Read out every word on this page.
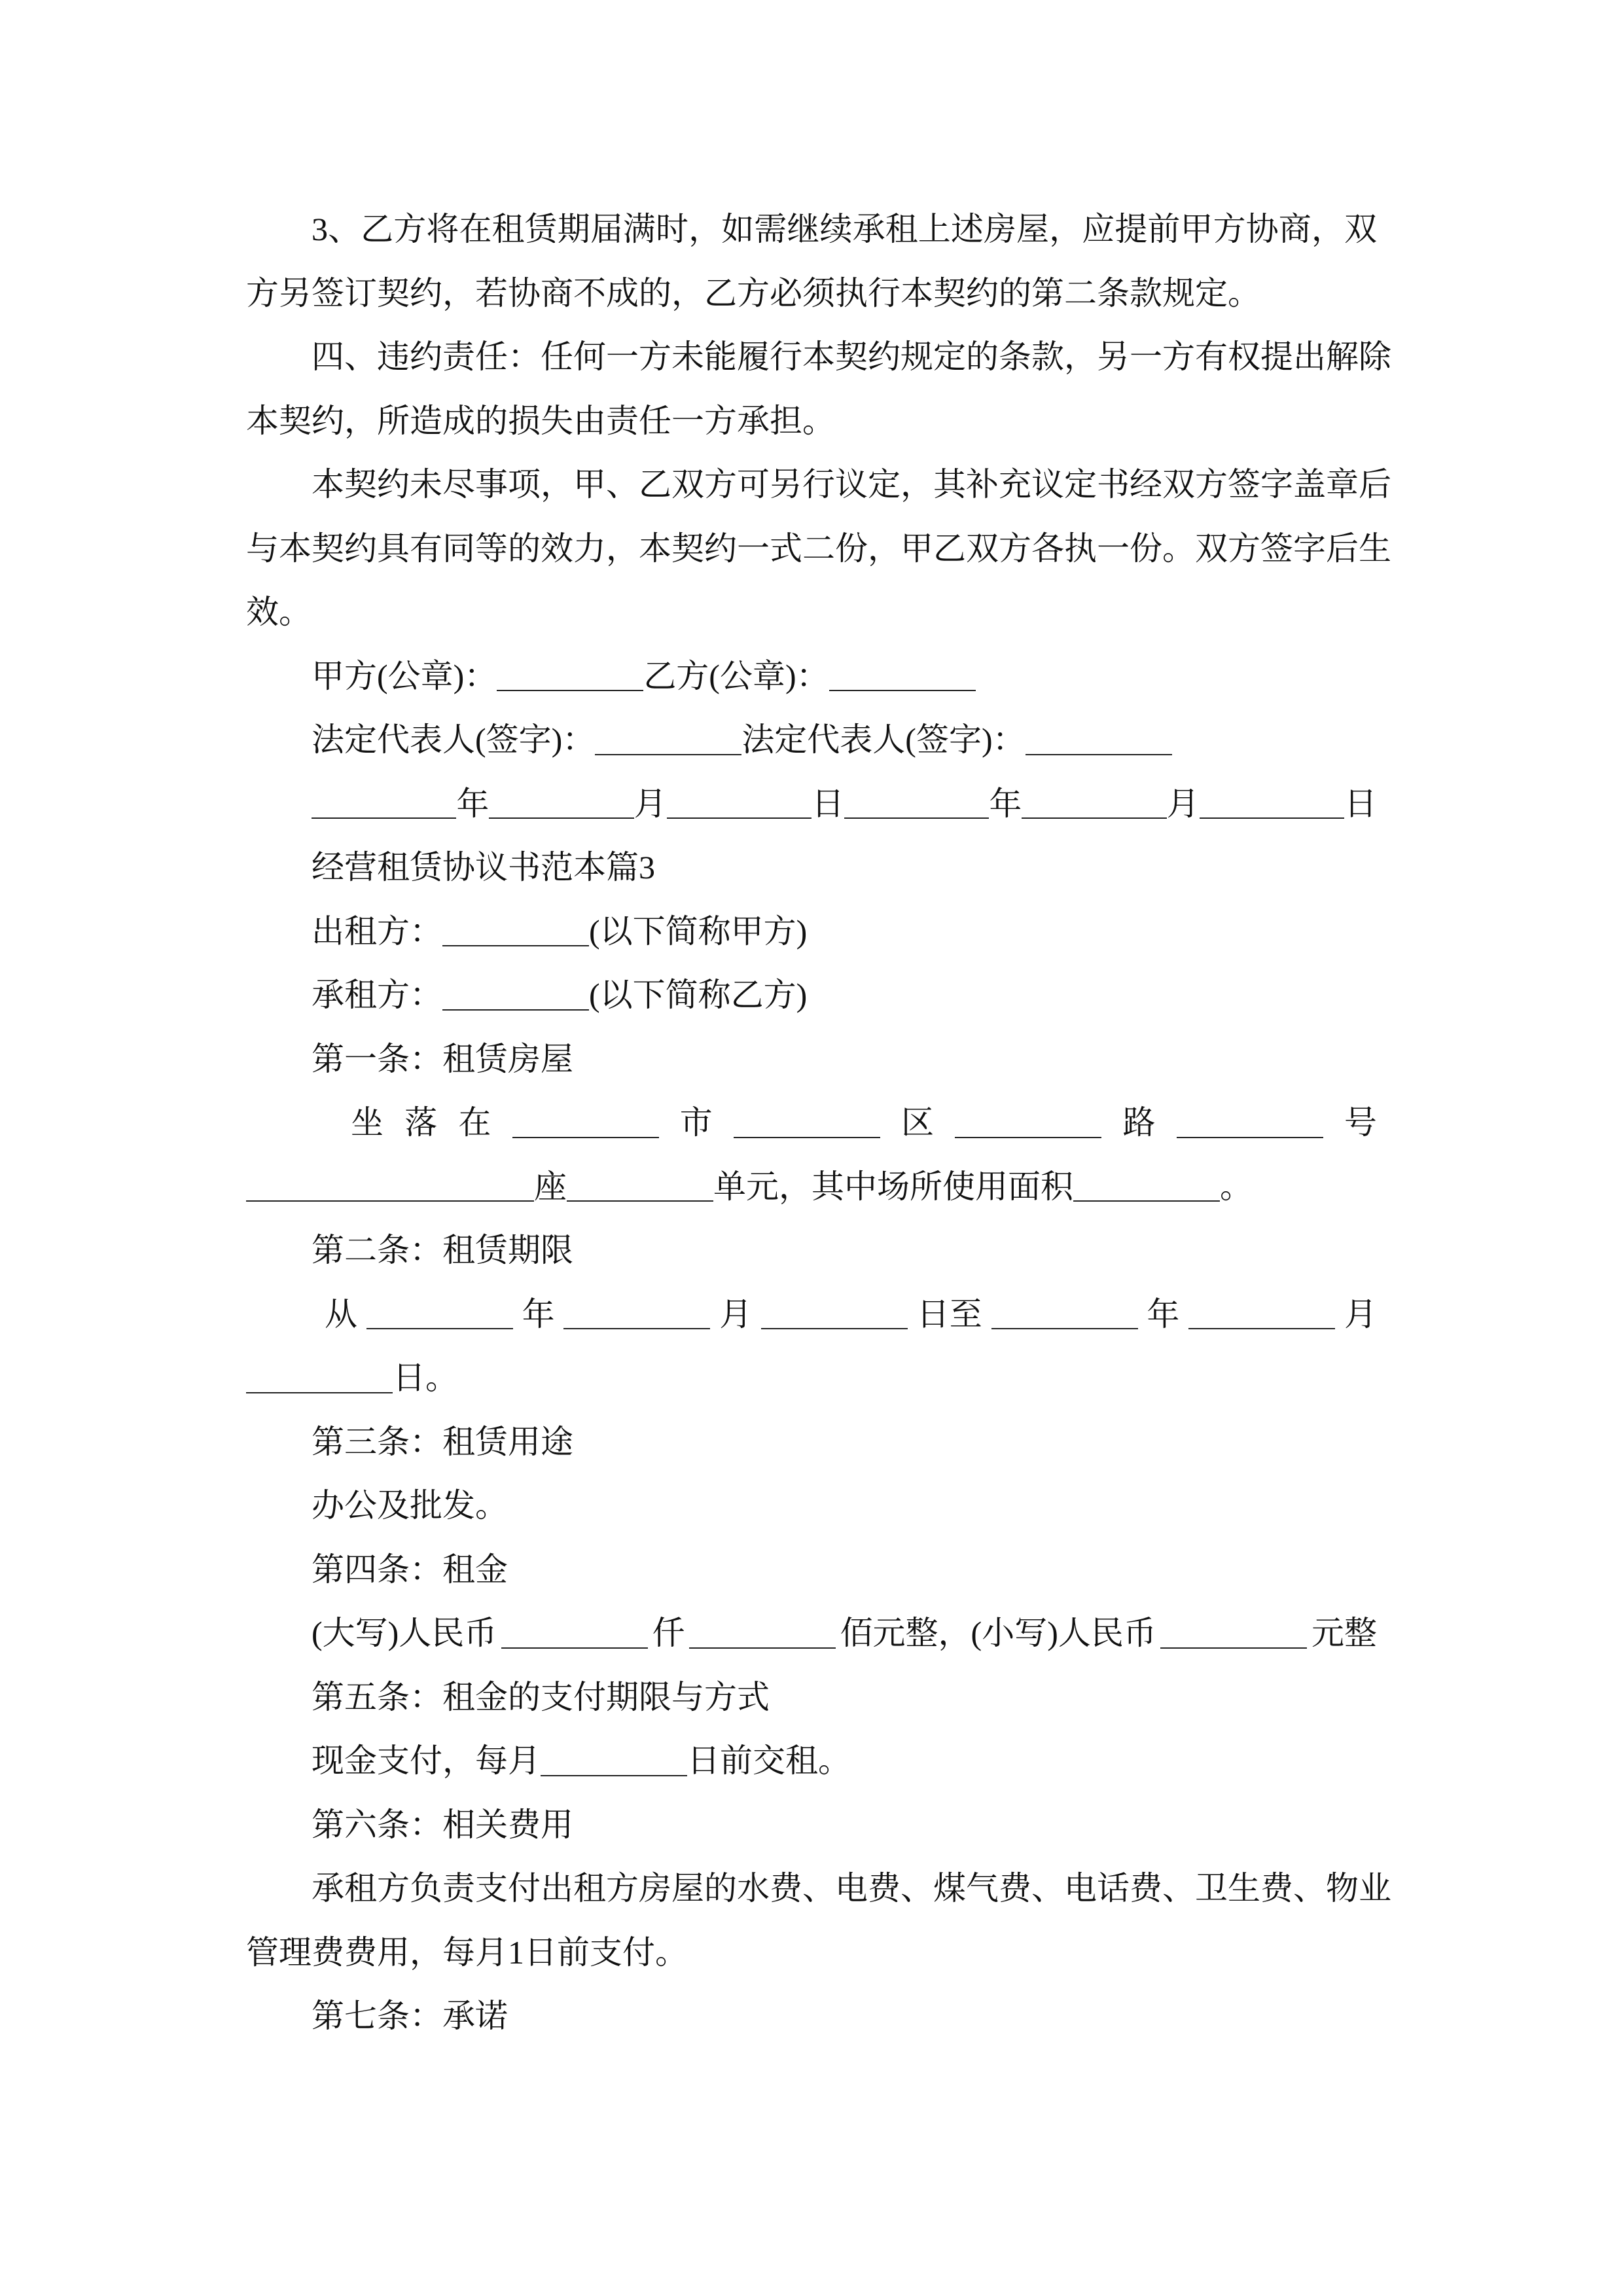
3、乙方将在租赁期届满时，如需继续承租上述房屋，应提前甲方协商，双
方另签订契约，若协商不成的，乙方必须执行本契约的第二条款规定。
四、违约责任：任何一方未能履行本契约规定的条款，另一方有权提出解除
本契约，所造成的损失由责任一方承担。
本契约未尽事项，甲、乙双方可另行议定，其补充议定书经双方签字盖章后
与本契约具有同等的效力，本契约一式二份，甲乙双方各执一份。双方签字后生
效。
甲方(公章)：	乙方(公章)：
法定代表人(签字)：	法定代表人(签字)：
年	月	日	年	月	日
经营租赁协议书范本篇3
出租方：	(以下简称甲方)
承租方：	(以下简称乙方)
第一条：租赁房屋
坐 落 在	市	区	路	号
座	单元，其中场所使用面积	。
第二条：租赁期限
从	年	月	日至	年	月
日。
第三条：租赁用途
办公及批发。
第四条：租金
(大写)人民币	仟	佰元整，(小写)人民币	元整
第五条：租金的支付期限与方式
现金支付，每月	日前交租。
第六条：相关费用
承租方负责支付出租方房屋的水费、电费、煤气费、电话费、卫生费、物业
管理费费用，每月1日前支付。
第七条：承诺
